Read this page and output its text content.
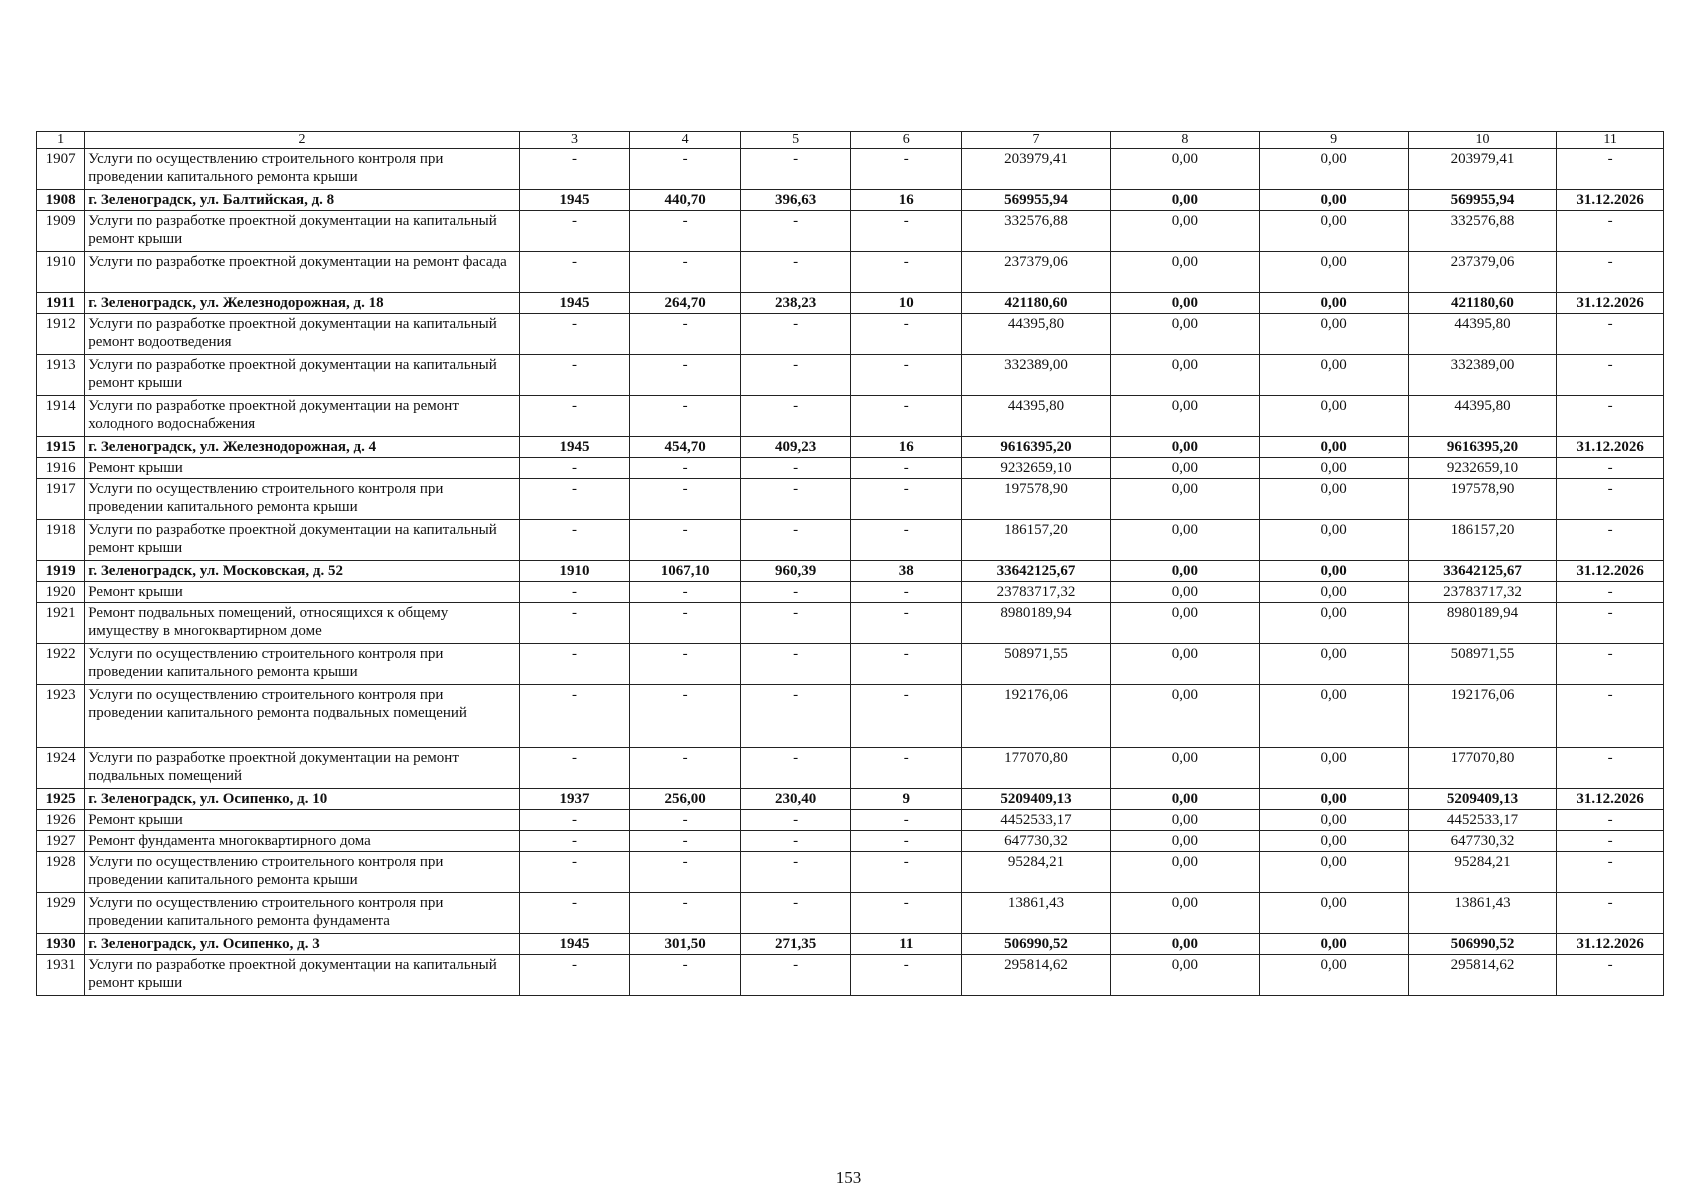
1	2	3	4	5	6	7	8	9	10	11
1907	Услуги по осуществлению строительного контроля при проведении капитального ремонта крыши	-	-	-	-	203979,41	0,00	0,00	203979,41	-
1908	г. Зеленоградск, ул. Балтийская, д. 8	1945	440,70	396,63	16	569955,94	0,00	0,00	569955,94	31.12.2026
1909	Услуги по разработке проектной документации на капитальный ремонт крыши	-	-	-	-	332576,88	0,00	0,00	332576,88	-
1910	Услуги по разработке проектной документации на ремонт фасада	-	-	-	-	237379,06	0,00	0,00	237379,06	-
1911	г. Зеленоградск, ул. Железнодорожная, д. 18	1945	264,70	238,23	10	421180,60	0,00	0,00	421180,60	31.12.2026
1912	Услуги по разработке проектной документации на капитальный ремонт водоотведения	-	-	-	-	44395,80	0,00	0,00	44395,80	-
1913	Услуги по разработке проектной документации на капитальный ремонт крыши	-	-	-	-	332389,00	0,00	0,00	332389,00	-
1914	Услуги по разработке проектной документации на ремонт холодного водоснабжения	-	-	-	-	44395,80	0,00	0,00	44395,80	-
1915	г. Зеленоградск, ул. Железнодорожная, д. 4	1945	454,70	409,23	16	9616395,20	0,00	0,00	9616395,20	31.12.2026
1916	Ремонт крыши	-	-	-	-	9232659,10	0,00	0,00	9232659,10	-
1917	Услуги по осуществлению строительного контроля при проведении капитального ремонта крыши	-	-	-	-	197578,90	0,00	0,00	197578,90	-
1918	Услуги по разработке проектной документации на капитальный ремонт крыши	-	-	-	-	186157,20	0,00	0,00	186157,20	-
1919	г. Зеленоградск, ул. Московская, д. 52	1910	1067,10	960,39	38	33642125,67	0,00	0,00	33642125,67	31.12.2026
1920	Ремонт крыши	-	-	-	-	23783717,32	0,00	0,00	23783717,32	-
1921	Ремонт подвальных помещений, относящихся к общему имуществу в многоквартирном доме	-	-	-	-	8980189,94	0,00	0,00	8980189,94	-
1922	Услуги по осуществлению строительного контроля при проведении капитального ремонта крыши	-	-	-	-	508971,55	0,00	0,00	508971,55	-
1923	Услуги по осуществлению строительного контроля при проведении капитального ремонта подвальных помещений	-	-	-	-	192176,06	0,00	0,00	192176,06	-
1924	Услуги по разработке проектной документации на ремонт подвальных помещений	-	-	-	-	177070,80	0,00	0,00	177070,80	-
1925	г. Зеленоградск, ул. Осипенко, д. 10	1937	256,00	230,40	9	5209409,13	0,00	0,00	5209409,13	31.12.2026
1926	Ремонт крыши	-	-	-	-	4452533,17	0,00	0,00	4452533,17	-
1927	Ремонт фундамента многоквартирного дома	-	-	-	-	647730,32	0,00	0,00	647730,32	-
1928	Услуги по осуществлению строительного контроля при проведении капитального ремонта крыши	-	-	-	-	95284,21	0,00	0,00	95284,21	-
1929	Услуги по осуществлению строительного контроля при проведении капитального ремонта фундамента	-	-	-	-	13861,43	0,00	0,00	13861,43	-
1930	г. Зеленоградск, ул. Осипенко, д. 3	1945	301,50	271,35	11	506990,52	0,00	0,00	506990,52	31.12.2026
1931	Услуги по разработке проектной документации на капитальный ремонт крыши	-	-	-	-	295814,62	0,00	0,00	295814,62	-
153
